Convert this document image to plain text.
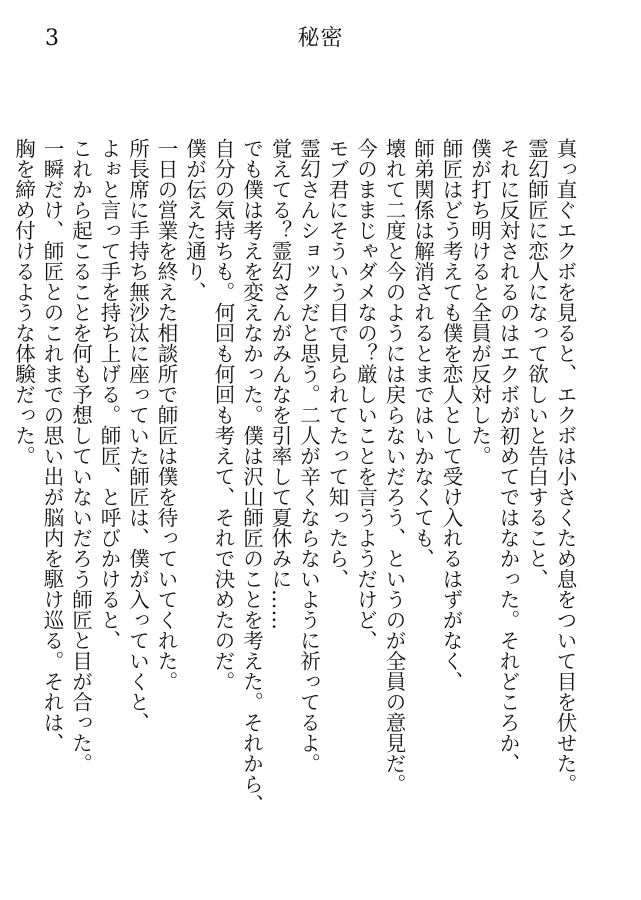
3	秘密

真っ直ぐエクボを見ると、エクボは小さくため息をついて目を伏せた。霊幻師匠に恋人になって欲しいと告白すること、それに反対されるのはエクボが初めてではなかった。それどころか、僕が打ち明けると全員が反対した。師匠はどう考えても僕を恋人として受け入れるはずがなく、師弟関係は解消されるとまではいかなくても、壊れて二度と今のようには戻らないだろう、というのが全員の意見だ。今のままじゃダメなの？厳しいことを言うようだけど、モブ君にそういう目で見られてたって知ったら、霊幻さんショックだと思う。二人が辛くならないように祈ってるよ。覚えてる？霊幻さんがみんなを引率して夏休みに……でも僕は考えを変えなかった。僕は沢山師匠のことを考えた。それから、自分の気持ちも。何回も何回も考えて、それで決めたのだ。

僕が伝えた通り、一日の営業を終えた相談所で師匠は僕を待っていてくれた。所長席に手持ち無沙汰に座っていた師匠は、僕が入っていくと、よぉと言って手を持ち上げる。師匠、と呼びかけると、これから起こることを何も予想していないだろう師匠と目が合った。一瞬だけ、師匠とのこれまでの思い出が脳内を駆け巡る。それは、胸を締め付けるような体験だった。
